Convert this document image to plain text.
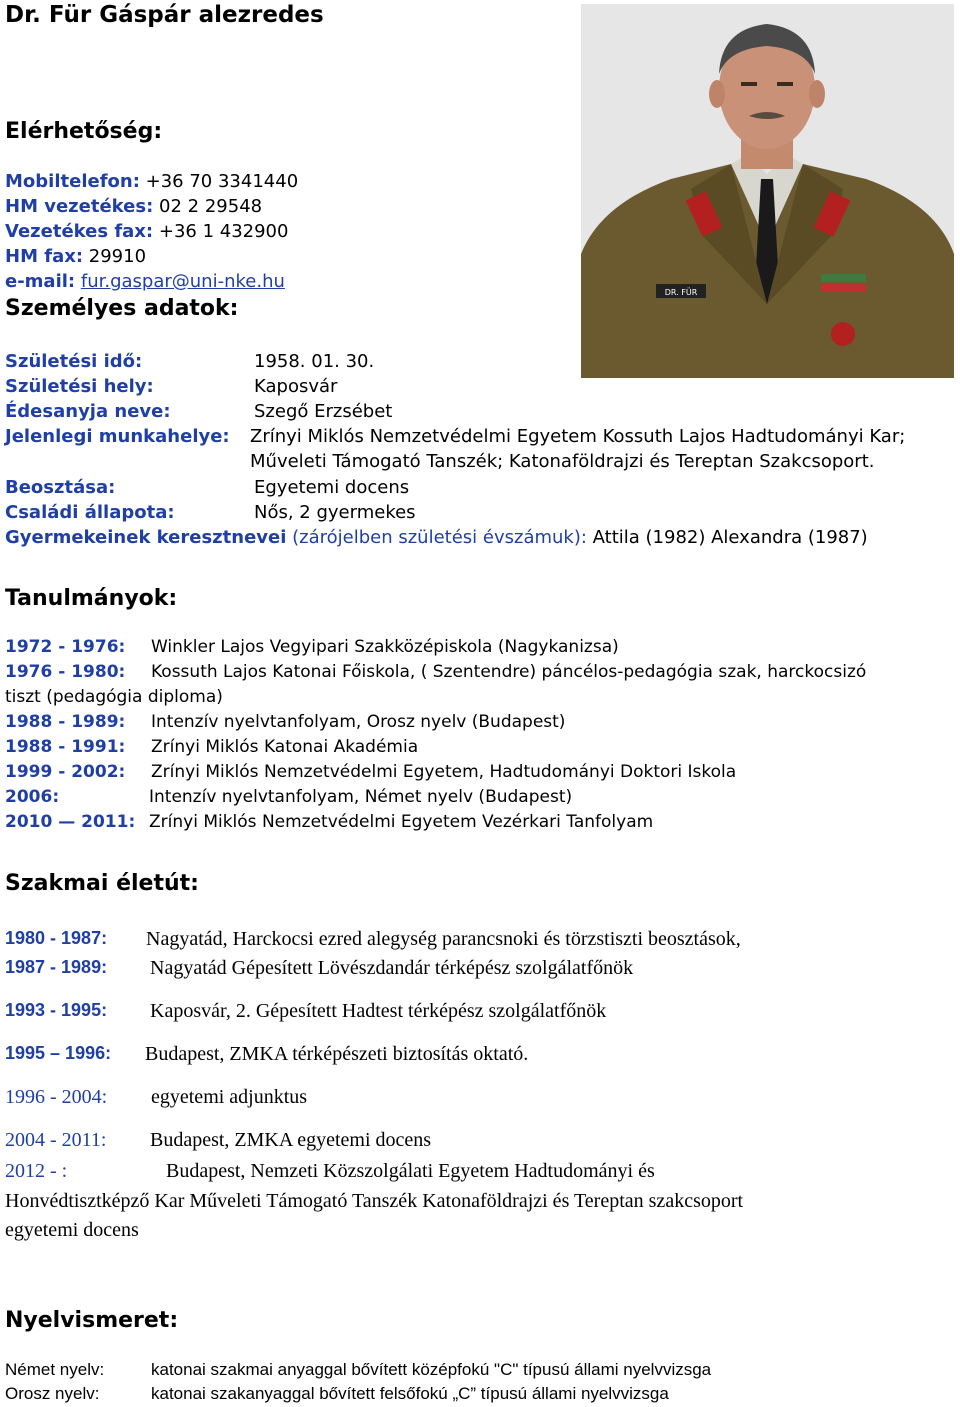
Dr. Für Gáspár alezredes
DR. FÜR
Elérhetőség:
Mobiltelefon: +36 70 3341440
HM vezetékes: 02 2 29548
Vezetékes fax: +36 1 432900
HM fax: 29910
e-mail: fur.gaspar@uni-nke.hu
Személyes adatok:
Születési idő:	1958. 01. 30.
Születési hely:	Kaposvár
Édesanyja neve:	Szegő Erzsébet
Jelenlegi munkahelye: Zrínyi Miklós Nemzetvédelmi Egyetem Kossuth Lajos Hadtudományi Kar;
Műveleti Támogató Tanszék; Katonaföldrajzi és Tereptan Szakcsoport.
Beosztása:	Egyetemi docens
Családi állapota:	Nős, 2 gyermekes
Gyermekeinek keresztnevei (zárójelben születési évszámuk): Attila (1982) Alexandra (1987)
Tanulmányok:
1972 - 1976: Winkler Lajos Vegyipari Szakközépiskola (Nagykanizsa)
1976 - 1980: Kossuth Lajos Katonai Főiskola, ( Szentendre) páncélos-pedagógia szak, harckocsizó
tiszt (pedagógia diploma)
1988 - 1989: Intenzív nyelvtanfolyam, Orosz nyelv (Budapest)
1988 - 1991: Zrínyi Miklós Katonai Akadémia
1999 - 2002: Zrínyi Miklós Nemzetvédelmi Egyetem, Hadtudományi Doktori Iskola
2006:	Intenzív nyelvtanfolyam, Német nyelv (Budapest)
2010 — 2011: Zrínyi Miklós Nemzetvédelmi Egyetem Vezérkari Tanfolyam
Szakmai életút:
1980 - 1987: Nagyatád, Harckocsi ezred alegység parancsnoki és törzstiszti beosztások,
1987 - 1989: Nagyatád Gépesített Lövészdandár térképész szolgálatfőnök
1993 - 1995: Kaposvár, 2. Gépesített Hadtest térképész szolgálatfőnök
1995 – 1996: Budapest, ZMKA térképészeti biztosítás oktató.
1996 - 2004: egyetemi adjunktus
2004 - 2011: Budapest, ZMKA egyetemi docens
2012 - :	Budapest, Nemzeti Közszolgálati Egyetem Hadtudományi és
Honvédtisztképző Kar Műveleti Támogató Tanszék Katonaföldrajzi és Tereptan szakcsoport
egyetemi docens
Nyelvismeret:
Német nyelv:	katonai szakmai anyaggal bővített középfokú "C" típusú állami nyelvvizsga
Orosz nyelv:	katonai szakanyaggal bővített felsőfokú „C” típusú állami nyelvvizsga
